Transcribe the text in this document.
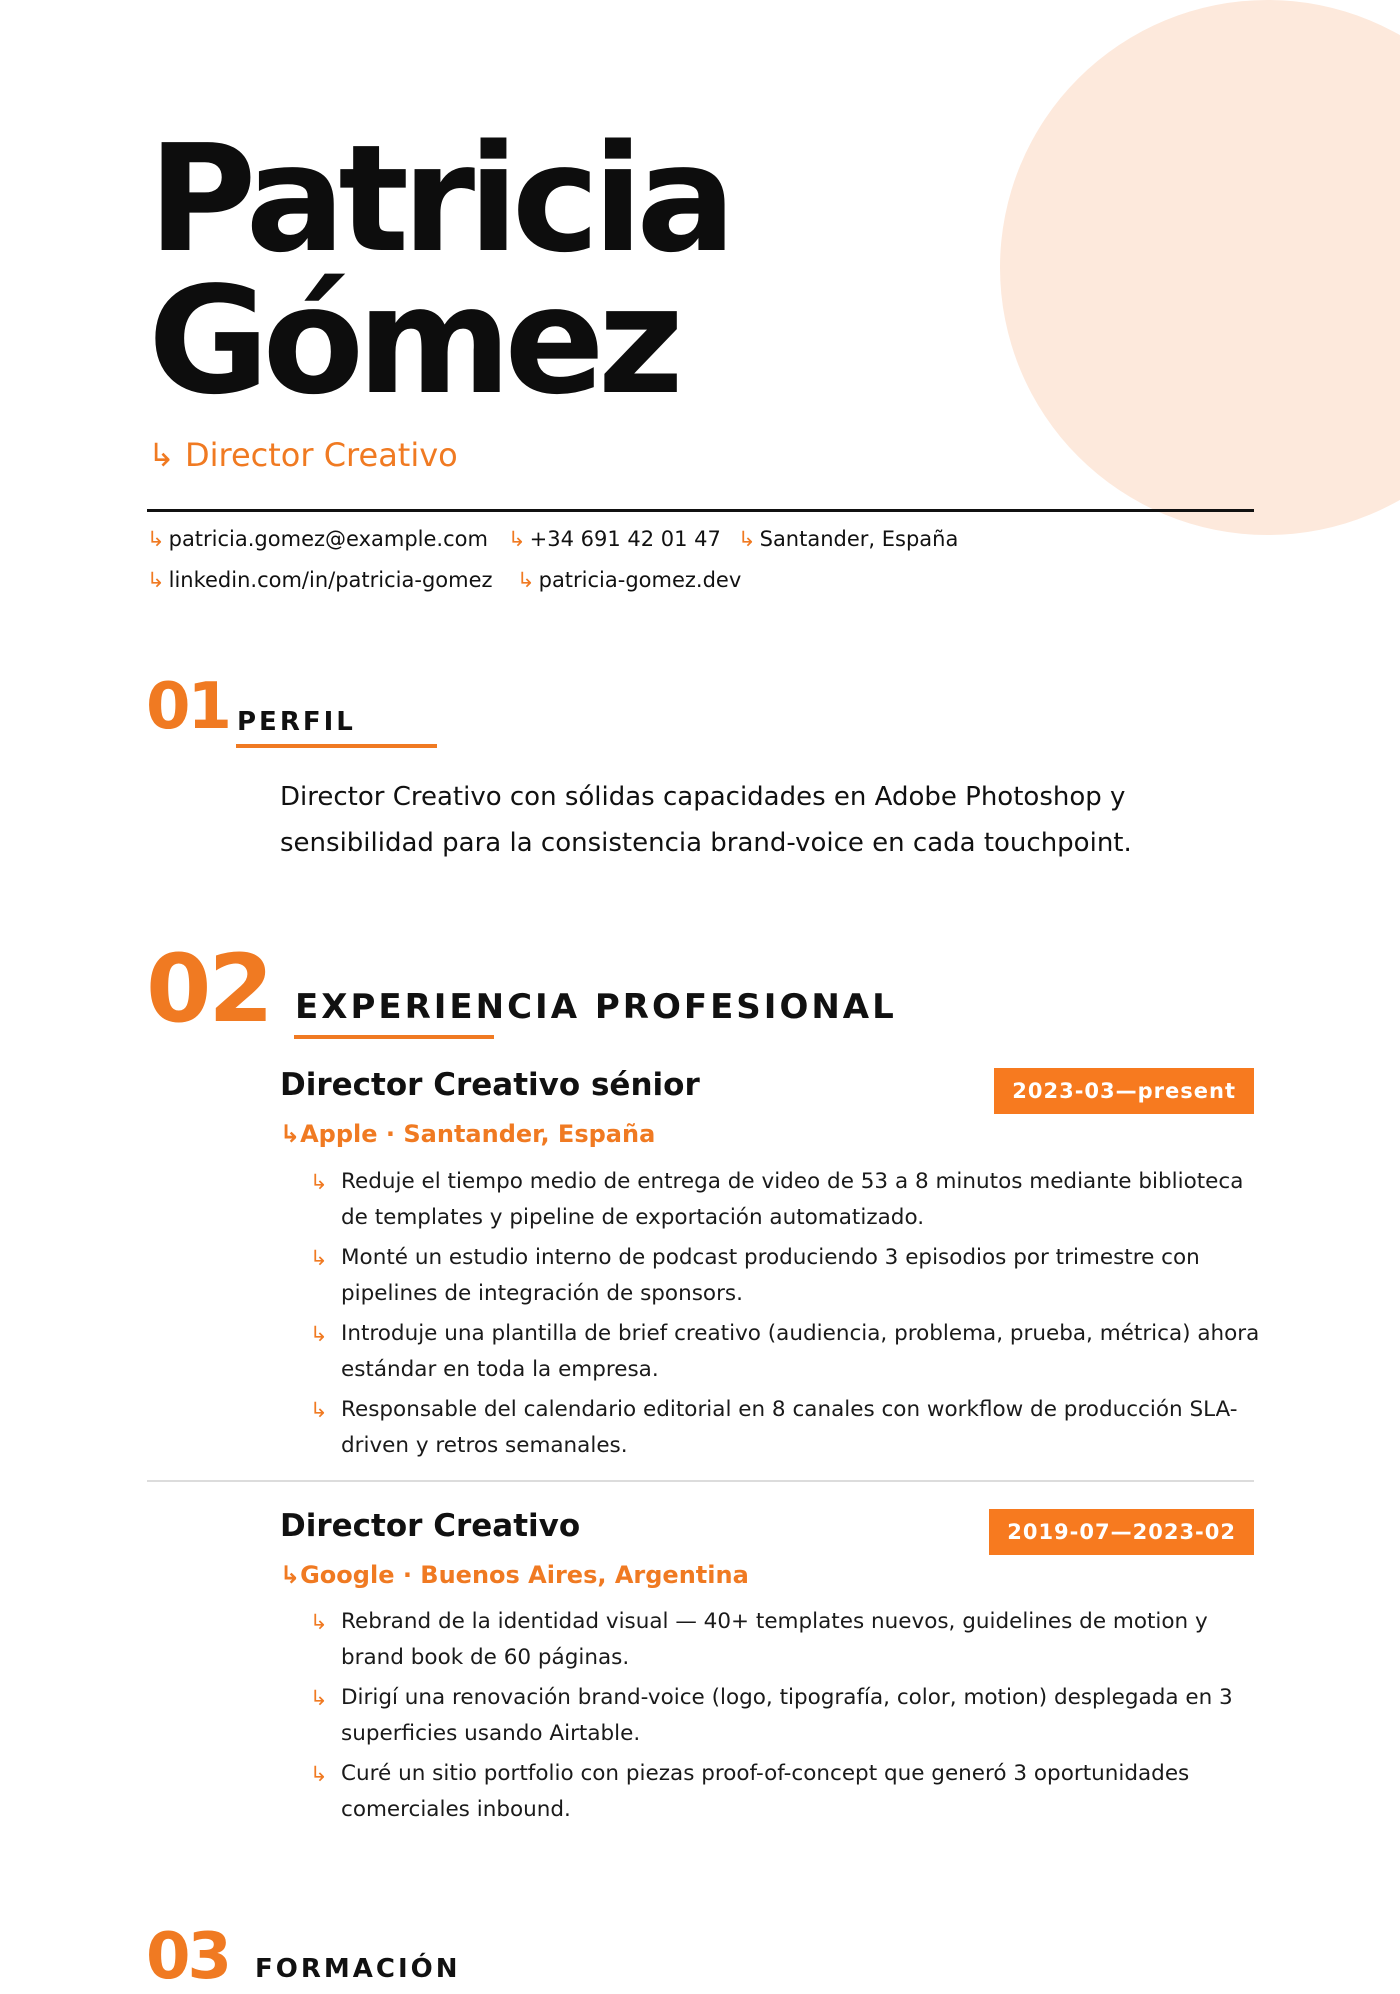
Patricia
Gómez
↳ Director Creativo
↳ patricia.gomez@example.com ↳ +34 691 42 01 47 ↳ Santander, España
↳ linkedin.com/in/patricia-gomez ↳ patricia-gomez.dev
01 PERFIL
Director Creativo con sólidas capacidades en Adobe Photoshop y sensibilidad para la consistencia brand-voice en cada touchpoint.
02 EXPERIENCIA PROFESIONAL
Director Creativo sénior	2023-03—present
↳Apple · Santander, España
↳ Reduje el tiempo medio de entrega de video de 53 a 8 minutos mediante biblioteca de templates y pipeline de exportación automatizado.
↳ Monté un estudio interno de podcast produciendo 3 episodios por trimestre con pipelines de integración de sponsors.
↳ Introduje una plantilla de brief creativo (audiencia, problema, prueba, métrica) ahora estándar en toda la empresa.
↳ Responsable del calendario editorial en 8 canales con workflow de producción SLA-driven y retros semanales.
Director Creativo	2019-07—2023-02
↳Google · Buenos Aires, Argentina
↳ Rebrand de la identidad visual — 40+ templates nuevos, guidelines de motion y brand book de 60 páginas.
↳ Dirigí una renovación brand-voice (logo, tipografía, color, motion) desplegada en 3 superficies usando Airtable.
↳ Curé un sitio portfolio con piezas proof-of-concept que generó 3 oportunidades comerciales inbound.
03 FORMACIÓN
